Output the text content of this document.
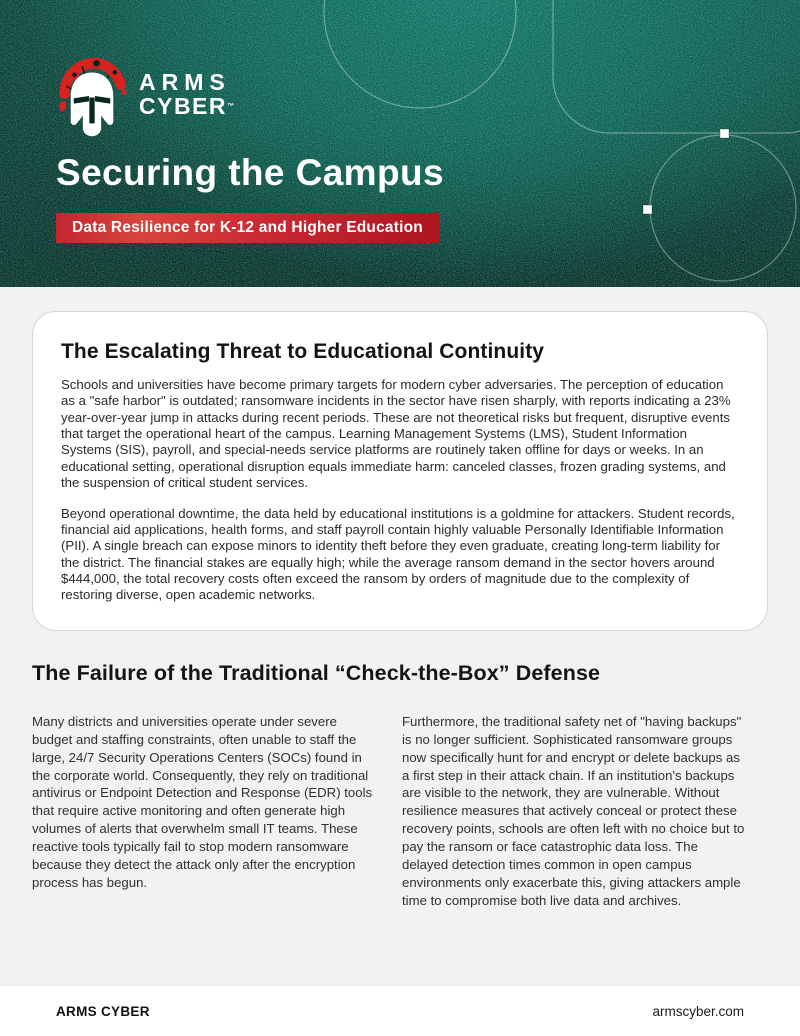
ARMS
CYBER™
Securing the Campus
Data Resilience for K-12 and Higher Education
The Escalating Threat to Educational Continuity

Schools and universities have become primary targets for modern cyber adversaries. The perception of education as a "safe harbor" is outdated; ransomware incidents in the sector have risen sharply, with reports indicating a 23% year-over-year jump in attacks during recent periods. These are not theoretical risks but frequent, disruptive events that target the operational heart of the campus. Learning Management Systems (LMS), Student Information Systems (SIS), payroll, and special-needs service platforms are routinely taken offline for days or weeks. In an educational setting, operational disruption equals immediate harm: canceled classes, frozen grading systems, and the suspension of critical student services.

Beyond operational downtime, the data held by educational institutions is a goldmine for attackers. Student records, financial aid applications, health forms, and staff payroll contain highly valuable Personally Identifiable Information (PII). A single breach can expose minors to identity theft before they even graduate, creating long-term liability for the district. The financial stakes are equally high; while the average ransom demand in the sector hovers around $444,000, the total recovery costs often exceed the ransom by orders of magnitude due to the complexity of restoring diverse, open academic networks.

The Failure of the Traditional “Check-the-Box” Defense

Many districts and universities operate under severe budget and staffing constraints, often unable to staff the large, 24/7 Security Operations Centers (SOCs) found in the corporate world. Consequently, they rely on traditional antivirus or Endpoint Detection and Response (EDR) tools that require active monitoring and often generate high volumes of alerts that overwhelm small IT teams. These reactive tools typically fail to stop modern ransomware because they detect the attack only after the encryption process has begun.

Furthermore, the traditional safety net of "having backups" is no longer sufficient. Sophisticated ransomware groups now specifically hunt for and encrypt or delete backups as a first step in their attack chain. If an institution's backups are visible to the network, they are vulnerable. Without resilience measures that actively conceal or protect these recovery points, schools are often left with no choice but to pay the ransom or face catastrophic data loss. The delayed detection times common in open campus environments only exacerbate this, giving attackers ample time to compromise both live data and archives.

ARMS CYBER	armscyber.com
